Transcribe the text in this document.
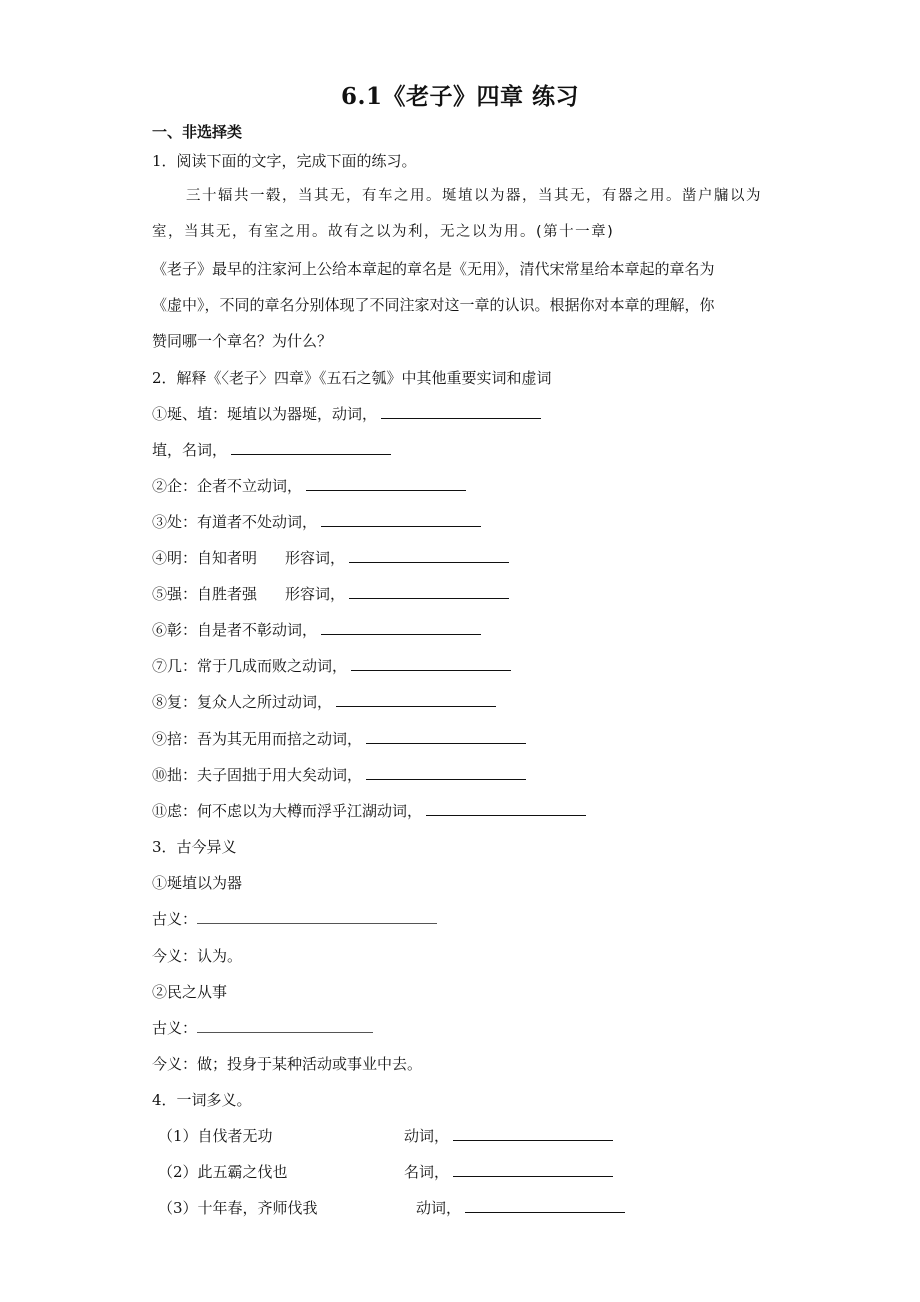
6.1《老子》四章 练习
一、非选择类
1．阅读下面的文字，完成下面的练习。
三十辐共一毂，当其无，有车之用。埏埴以为器，当其无，有器之用。凿户牖以为
室，当其无，有室之用。故有之以为利，无之以为用。(第十一章)
《老子》最早的注家河上公给本章起的章名是《无用》，清代宋常星给本章起的章名为
《虚中》，不同的章名分别体现了不同注家对这一章的认识。根据你对本章的理解，你
赞同哪一个章名？为什么？
2．解释《〈老子〉四章》《五石之瓠》中其他重要实词和虚词
①埏、埴：埏埴以为器埏，动词，
埴，名词，
②企：企者不立动词，
③处：有道者不处动词，
④明：自知者明 形容词，
⑤强：自胜者强 形容词，
⑥彰：自是者不彰动词，
⑦几：常于几成而败之动词，
⑧复：复众人之所过动词，
⑨掊：吾为其无用而掊之动词，
⑩拙：夫子固拙于用大矣动词，
⑪虑：何不虑以为大樽而浮乎江湖动词，
3．古今异义
①埏埴以为器
古义：
今义：认为。
②民之从事
古义：
今义：做；投身于某种活动或事业中去。
4．一词多义。
（1）自伐者无功	动词，
（2）此五霸之伐也	名词，
（3）十年春，齐师伐我	动词，
